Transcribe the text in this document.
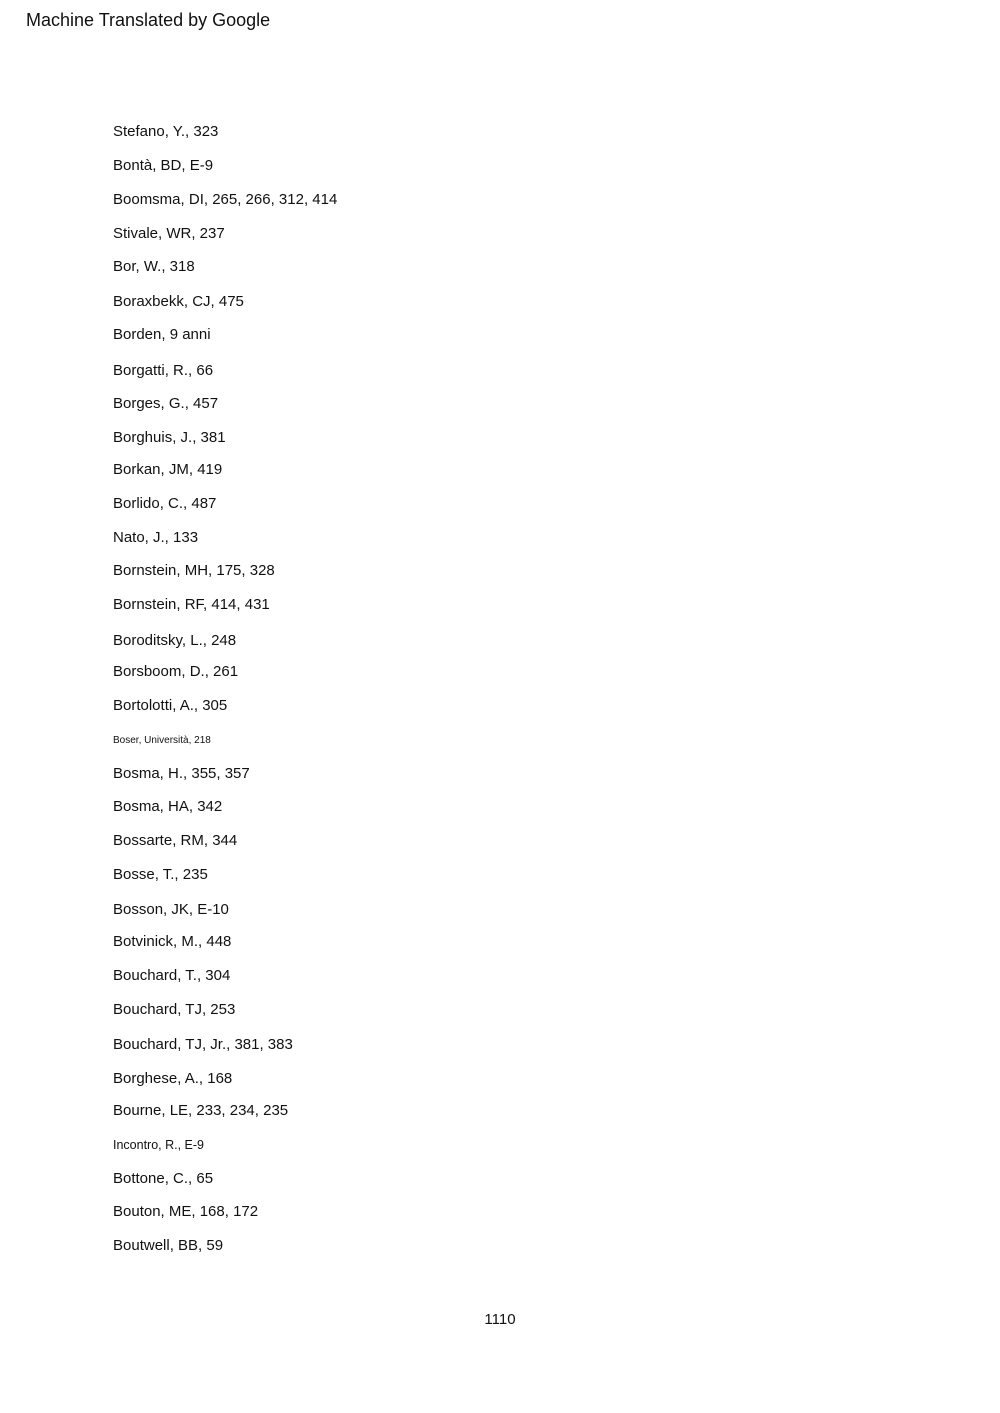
Machine Translated by Google
Stefano, Y., 323
Bontà, BD, E-9
Boomsma, DI, 265, 266, 312, 414
Stivale, WR, 237
Bor, W., 318
Boraxbekk, CJ, 475
Borden, 9 anni
Borgatti, R., 66
Borges, G., 457
Borghuis, J., 381
Borkan, JM, 419
Borlido, C., 487
Nato, J., 133
Bornstein, MH, 175, 328
Bornstein, RF, 414, 431
Boroditsky, L., 248
Borsboom, D., 261
Bortolotti, A., 305
Boser, Università, 218
Bosma, H., 355, 357
Bosma, HA, 342
Bossarte, RM, 344
Bosse, T., 235
Bosson, JK, E-10
Botvinick, M., 448
Bouchard, T., 304
Bouchard, TJ, 253
Bouchard, TJ, Jr., 381, 383
Borghese, A., 168
Bourne, LE, 233, 234, 235
Incontro, R., E-9
Bottone, C., 65
Bouton, ME, 168, 172
Boutwell, BB, 59
1110
